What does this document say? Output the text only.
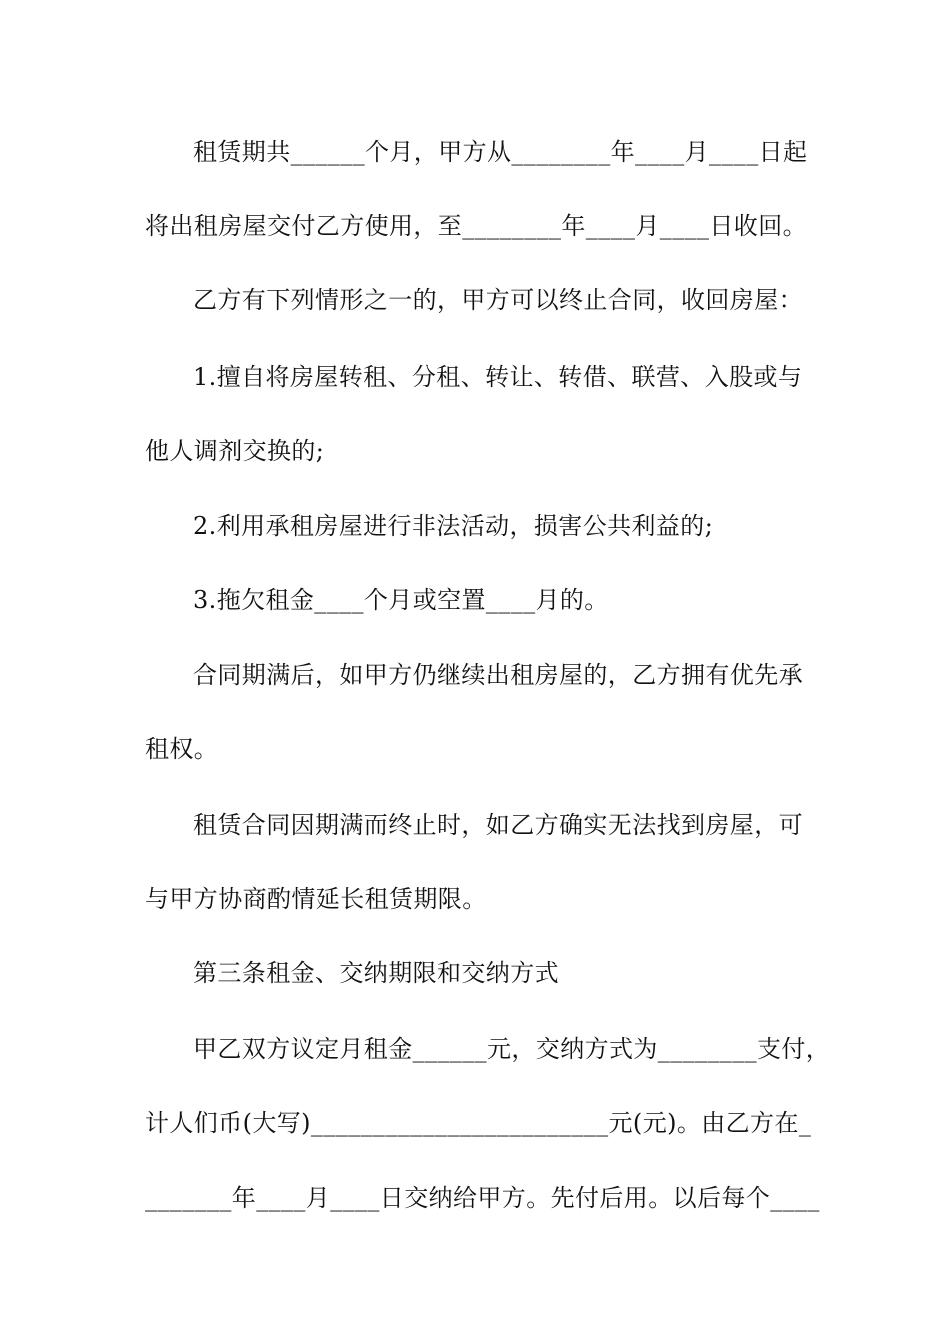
租赁期共______个月，甲方从________年____月____日起
将出租房屋交付乙方使用，至________年____月____日收回。
乙方有下列情形之一的，甲方可以终止合同，收回房屋：
1.擅自将房屋转租、分租、转让、转借、联营、入股或与
他人调剂交换的;
2.利用承租房屋进行非法活动，损害公共利益的;
3.拖欠租金____个月或空置____月的。
合同期满后，如甲方仍继续出租房屋的，乙方拥有优先承
租权。
租赁合同因期满而终止时，如乙方确实无法找到房屋，可
与甲方协商酌情延长租赁期限。
第三条租金、交纳期限和交纳方式
甲乙双方议定月租金______元，交纳方式为________支付，
计人们币(大写)________________________元(元)。由乙方在_
_______年____月____日交纳给甲方。先付后用。以后每个____
